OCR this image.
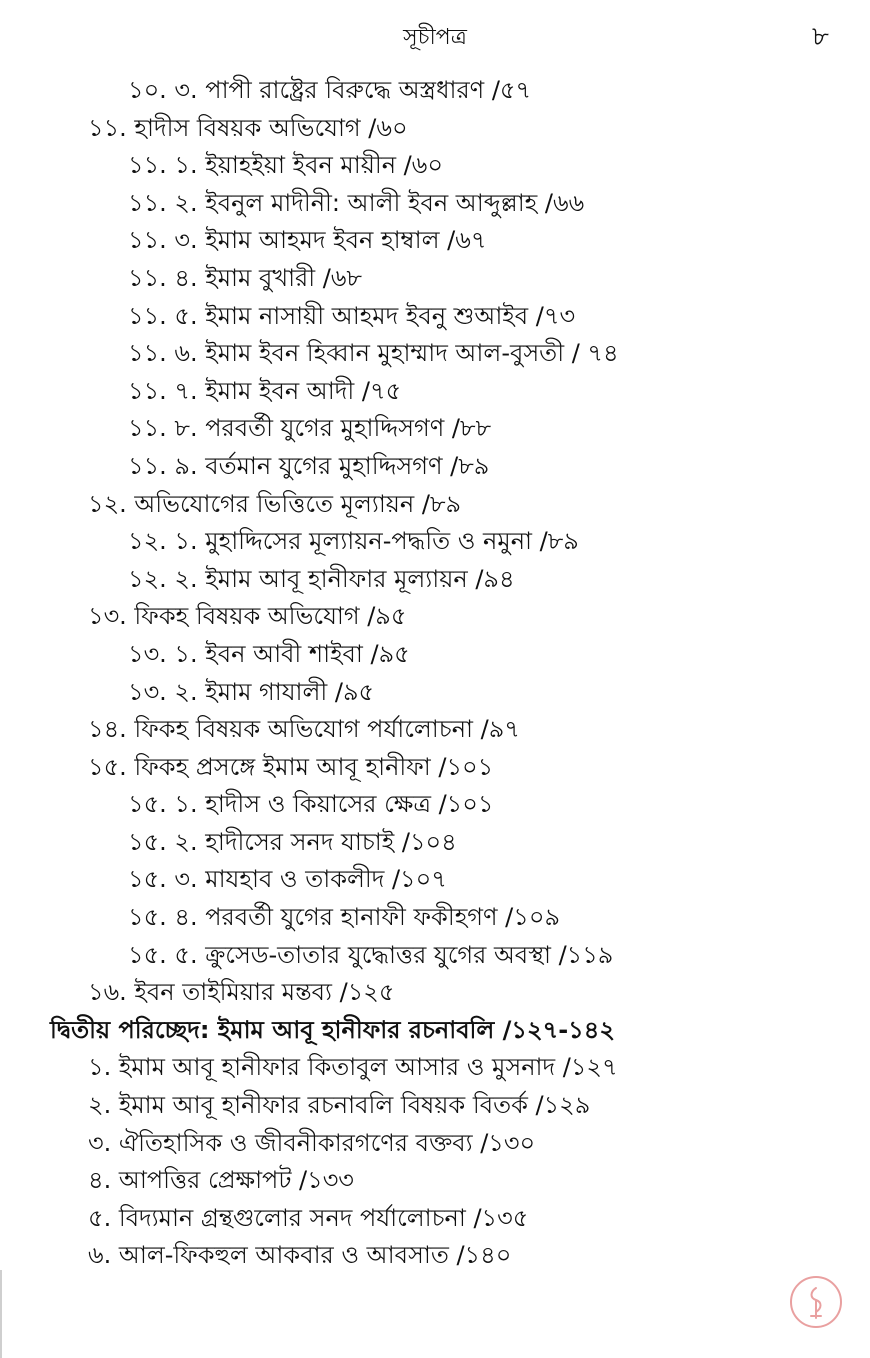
সূচীপত্র	৮
১০. ৩. পাপী রাষ্ট্রের বিরুদ্ধে অস্ত্রধারণ /৫৭
১১. হাদীস বিষয়ক অভিযোগ /৬০
১১. ১. ইয়াহইয়া ইবন মায়ীন /৬০
১১. ২. ইবনুল মাদীনী: আলী ইবন আব্দুল্লাহ /৬৬
১১. ৩. ইমাম আহমদ ইবন হাম্বাল /৬৭
১১. ৪. ইমাম বুখারী /৬৮
১১. ৫. ইমাম নাসায়ী আহমদ ইবনু শুআইব /৭৩
১১. ৬. ইমাম ইবন হিব্বান মুহাম্মাদ আল-বুসতী / ৭৪
১১. ৭. ইমাম ইবন আদী /৭৫
১১. ৮. পরবর্তী যুগের মুহাদ্দিসগণ /৮৮
১১. ৯. বর্তমান যুগের মুহাদ্দিসগণ /৮৯
১২. অভিযোগের ভিত্তিতে মূল্যায়ন /৮৯
১২. ১. মুহাদ্দিসের মূল্যায়ন-পদ্ধতি ও নমুনা /৮৯
১২. ২. ইমাম আবূ হানীফার মূল্যায়ন /৯৪
১৩. ফিকহ বিষয়ক অভিযোগ /৯৫
১৩. ১. ইবন আবী শাইবা /৯৫
১৩. ২. ইমাম গাযালী /৯৫
১৪. ফিকহ বিষয়ক অভিযোগ পর্যালোচনা /৯৭
১৫. ফিকহ প্রসঙ্গে ইমাম আবূ হানীফা /১০১
১৫. ১. হাদীস ও কিয়াসের ক্ষেত্র /১০১
১৫. ২. হাদীসের সনদ যাচাই /১০৪
১৫. ৩. মাযহাব ও তাকলীদ /১০৭
১৫. ৪. পরবর্তী যুগের হানাফী ফকীহগণ /১০৯
১৫. ৫. ক্রুসেড-তাতার যুদ্ধোত্তর যুগের অবস্থা /১১৯
১৬. ইবন তাইমিয়ার মন্তব্য /১২৫
দ্বিতীয় পরিচ্ছেদ: ইমাম আবূ হানীফার রচনাবলি /১২৭-১৪২
১. ইমাম আবূ হানীফার কিতাবুল আসার ও মুসনাদ /১২৭
২. ইমাম আবূ হানীফার রচনাবলি বিষয়ক বিতর্ক /১২৯
৩. ঐতিহাসিক ও জীবনীকারগণের বক্তব্য /১৩০
৪. আপত্তির প্রেক্ষাপট /১৩৩
৫. বিদ্যমান গ্রন্থগুলোর সনদ পর্যালোচনা /১৩৫
৬. আল-ফিকহুল আকবার ও আবসাত /১৪০
